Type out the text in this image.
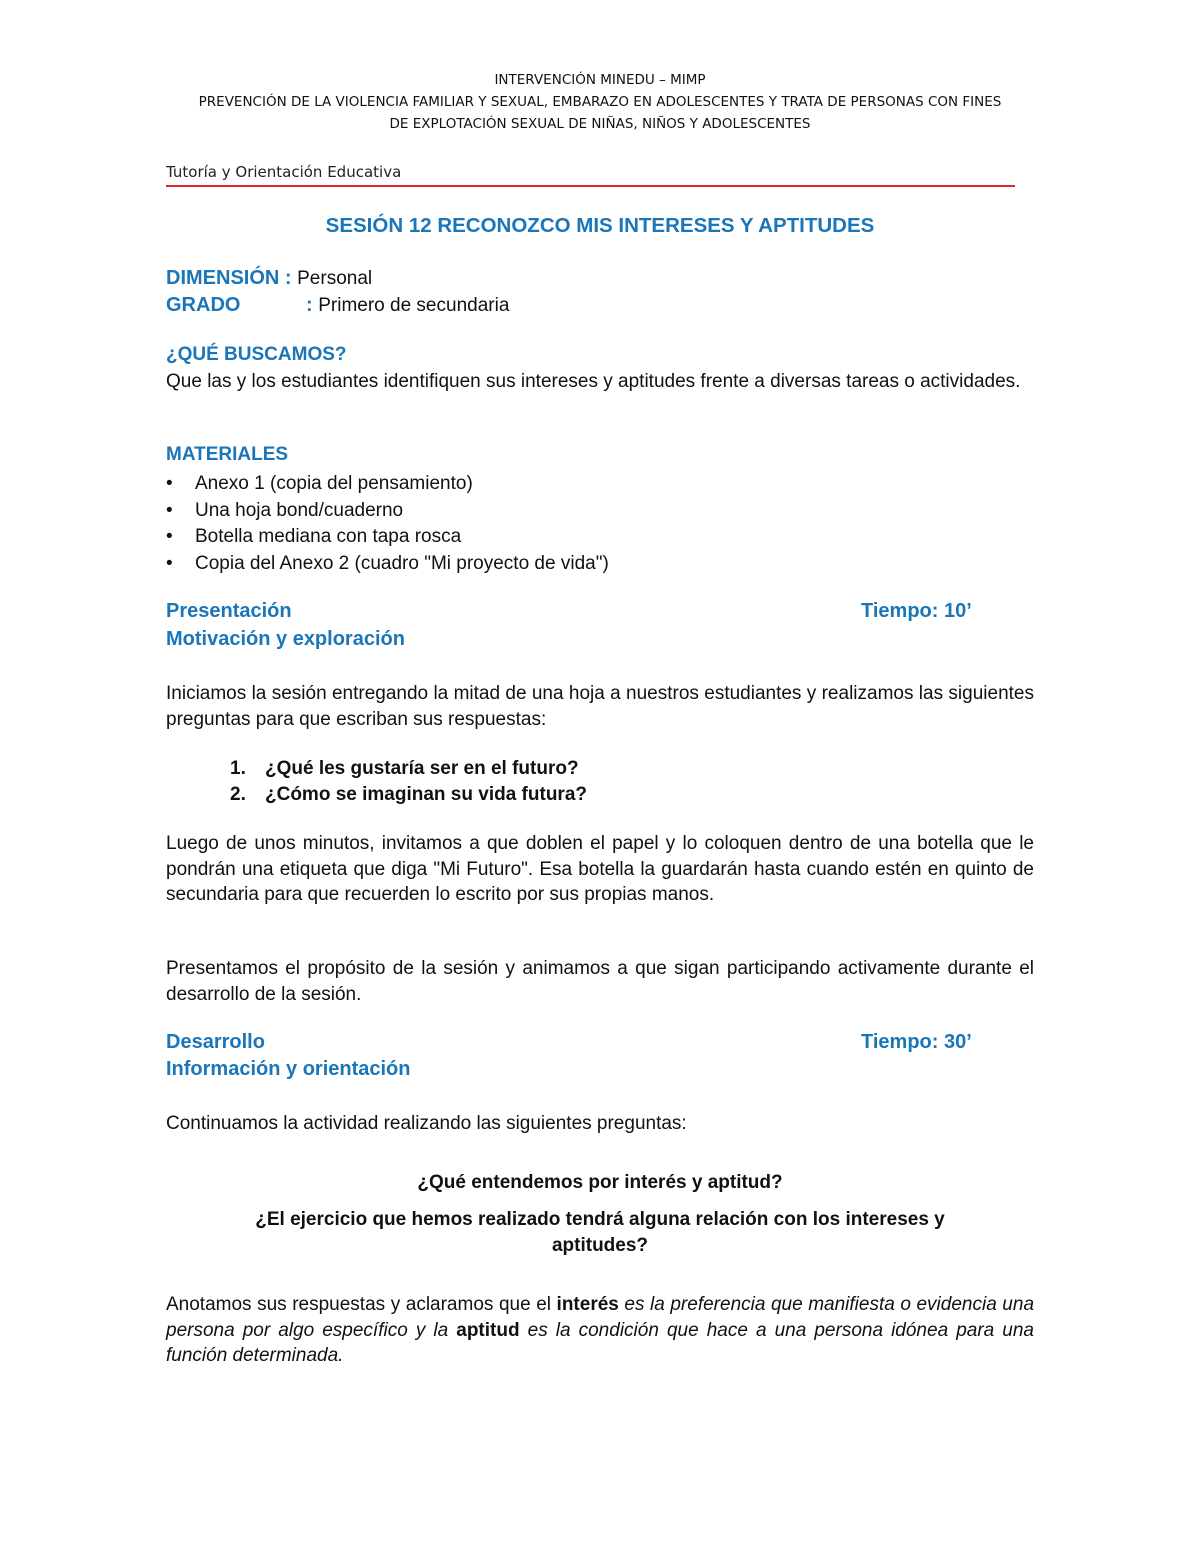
INTERVENCIÓN MINEDU – MIMP
PREVENCIÓN DE LA VIOLENCIA FAMILIAR Y SEXUAL, EMBARAZO EN ADOLESCENTES Y TRATA DE PERSONAS CON FINES
DE EXPLOTACIÓN SEXUAL DE NIÑAS, NIÑOS Y ADOLESCENTES
Tutoría y Orientación Educativa
SESIÓN 12 RECONOZCO MIS INTERESES Y APTITUDES
DIMENSIÓN : Personal
GRADO	: Primero de secundaria
¿QUÉ BUSCAMOS?
Que las y los estudiantes identifiquen sus intereses y aptitudes frente a diversas tareas o actividades.
MATERIALES
• Anexo 1 (copia del pensamiento)
• Una hoja bond/cuaderno
• Botella mediana con tapa rosca
• Copia del Anexo 2 (cuadro "Mi proyecto de vida")
Presentación	Tiempo: 10’
Motivación y exploración
Iniciamos la sesión entregando la mitad de una hoja a nuestros estudiantes y realizamos las siguientes preguntas para que escriban sus respuestas:
1. ¿Qué les gustaría ser en el futuro?
2. ¿Cómo se imaginan su vida futura?
Luego de unos minutos, invitamos a que doblen el papel y lo coloquen dentro de una botella que le pondrán una etiqueta que diga "Mi Futuro". Esa botella la guardarán hasta cuando estén en quinto de secundaria para que recuerden lo escrito por sus propias manos.
Presentamos el propósito de la sesión y animamos a que sigan participando activamente durante el desarrollo de la sesión.
Desarrollo	Tiempo: 30’
Información y orientación
Continuamos la actividad realizando las siguientes preguntas:
¿Qué entendemos por interés y aptitud?
¿El ejercicio que hemos realizado tendrá alguna relación con los intereses y aptitudes?
Anotamos sus respuestas y aclaramos que el interés es la preferencia que manifiesta o evidencia una persona por algo específico y la aptitud es la condición que hace a una persona idónea para una función determinada.
